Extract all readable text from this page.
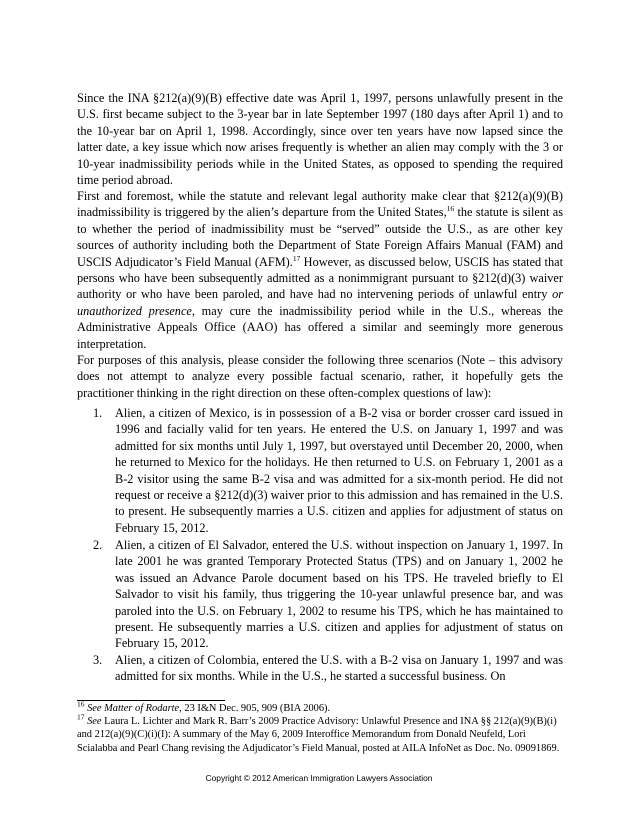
Since the INA §212(a)(9)(B) effective date was April 1, 1997, persons unlawfully present in the U.S. first became subject to the 3-year bar in late September 1997 (180 days after April 1) and to the 10-year bar on April 1, 1998. Accordingly, since over ten years have now lapsed since the latter date, a key issue which now arises frequently is whether an alien may comply with the 3 or 10-year inadmissibility periods while in the United States, as opposed to spending the required time period abroad.

First and foremost, while the statute and relevant legal authority make clear that §212(a)(9)(B) inadmissibility is triggered by the alien’s departure from the United States,$^{16}$ the statute is silent as to whether the period of inadmissibility must be “served” outside the U.S., as are other key sources of authority including both the Department of State Foreign Affairs Manual (FAM) and USCIS Adjudicator’s Field Manual (AFM).$^{17}$ However, as discussed below, USCIS has stated that persons who have been subsequently admitted as a nonimmigrant pursuant to §212(d)(3) waiver authority or who have been paroled, and have had no intervening periods of unlawful entry or unauthorized presence, may cure the inadmissibility period while in the U.S., whereas the Administrative Appeals Office (AAO) has offered a similar and seemingly more generous interpretation.

For purposes of this analysis, please consider the following three scenarios (Note – this advisory does not attempt to analyze every possible factual scenario, rather, it hopefully gets the practitioner thinking in the right direction on these often-complex questions of law):

1.	Alien, a citizen of Mexico, is in possession of a B-2 visa or border crosser card issued in 1996 and facially valid for ten years. He entered the U.S. on January 1, 1997 and was admitted for six months until July 1, 1997, but overstayed until December 20, 2000, when he returned to Mexico for the holidays. He then returned to U.S. on February 1, 2001 as a B-2 visitor using the same B-2 visa and was admitted for a six-month period. He did not request or receive a §212(d)(3) waiver prior to this admission and has remained in the U.S. to present. He subsequently marries a U.S. citizen and applies for adjustment of status on February 15, 2012.
2.	Alien, a citizen of El Salvador, entered the U.S. without inspection on January 1, 1997. In late 2001 he was granted Temporary Protected Status (TPS) and on January 1, 2002 he was issued an Advance Parole document based on his TPS. He traveled briefly to El Salvador to visit his family, thus triggering the 10-year unlawful presence bar, and was paroled into the U.S. on February 1, 2002 to resume his TPS, which he has maintained to present. He subsequently marries a U.S. citizen and applies for adjustment of status on February 15, 2012.
3.	Alien, a citizen of Colombia, entered the U.S. with a B-2 visa on January 1, 1997 and was admitted for six months. While in the U.S., he started a successful business. On

$^{16}$ See Matter of Rodarte, 23 I&N Dec. 905, 909 (BIA 2006).

$^{17}$ See Laura L. Lichter and Mark R. Barr’s 2009 Practice Advisory: Unlawful Presence and INA §§ 212(a)(9)(B)(i) and 212(a)(9)(C)(i)(I): A summary of the May 6, 2009 Interoffice Memorandum from Donald Neufeld, Lori Scialabba and Pearl Chang revising the Adjudicator’s Field Manual, posted at AILA InfoNet as Doc. No. 09091869.

Copyright © 2012 American Immigration Lawyers Association
